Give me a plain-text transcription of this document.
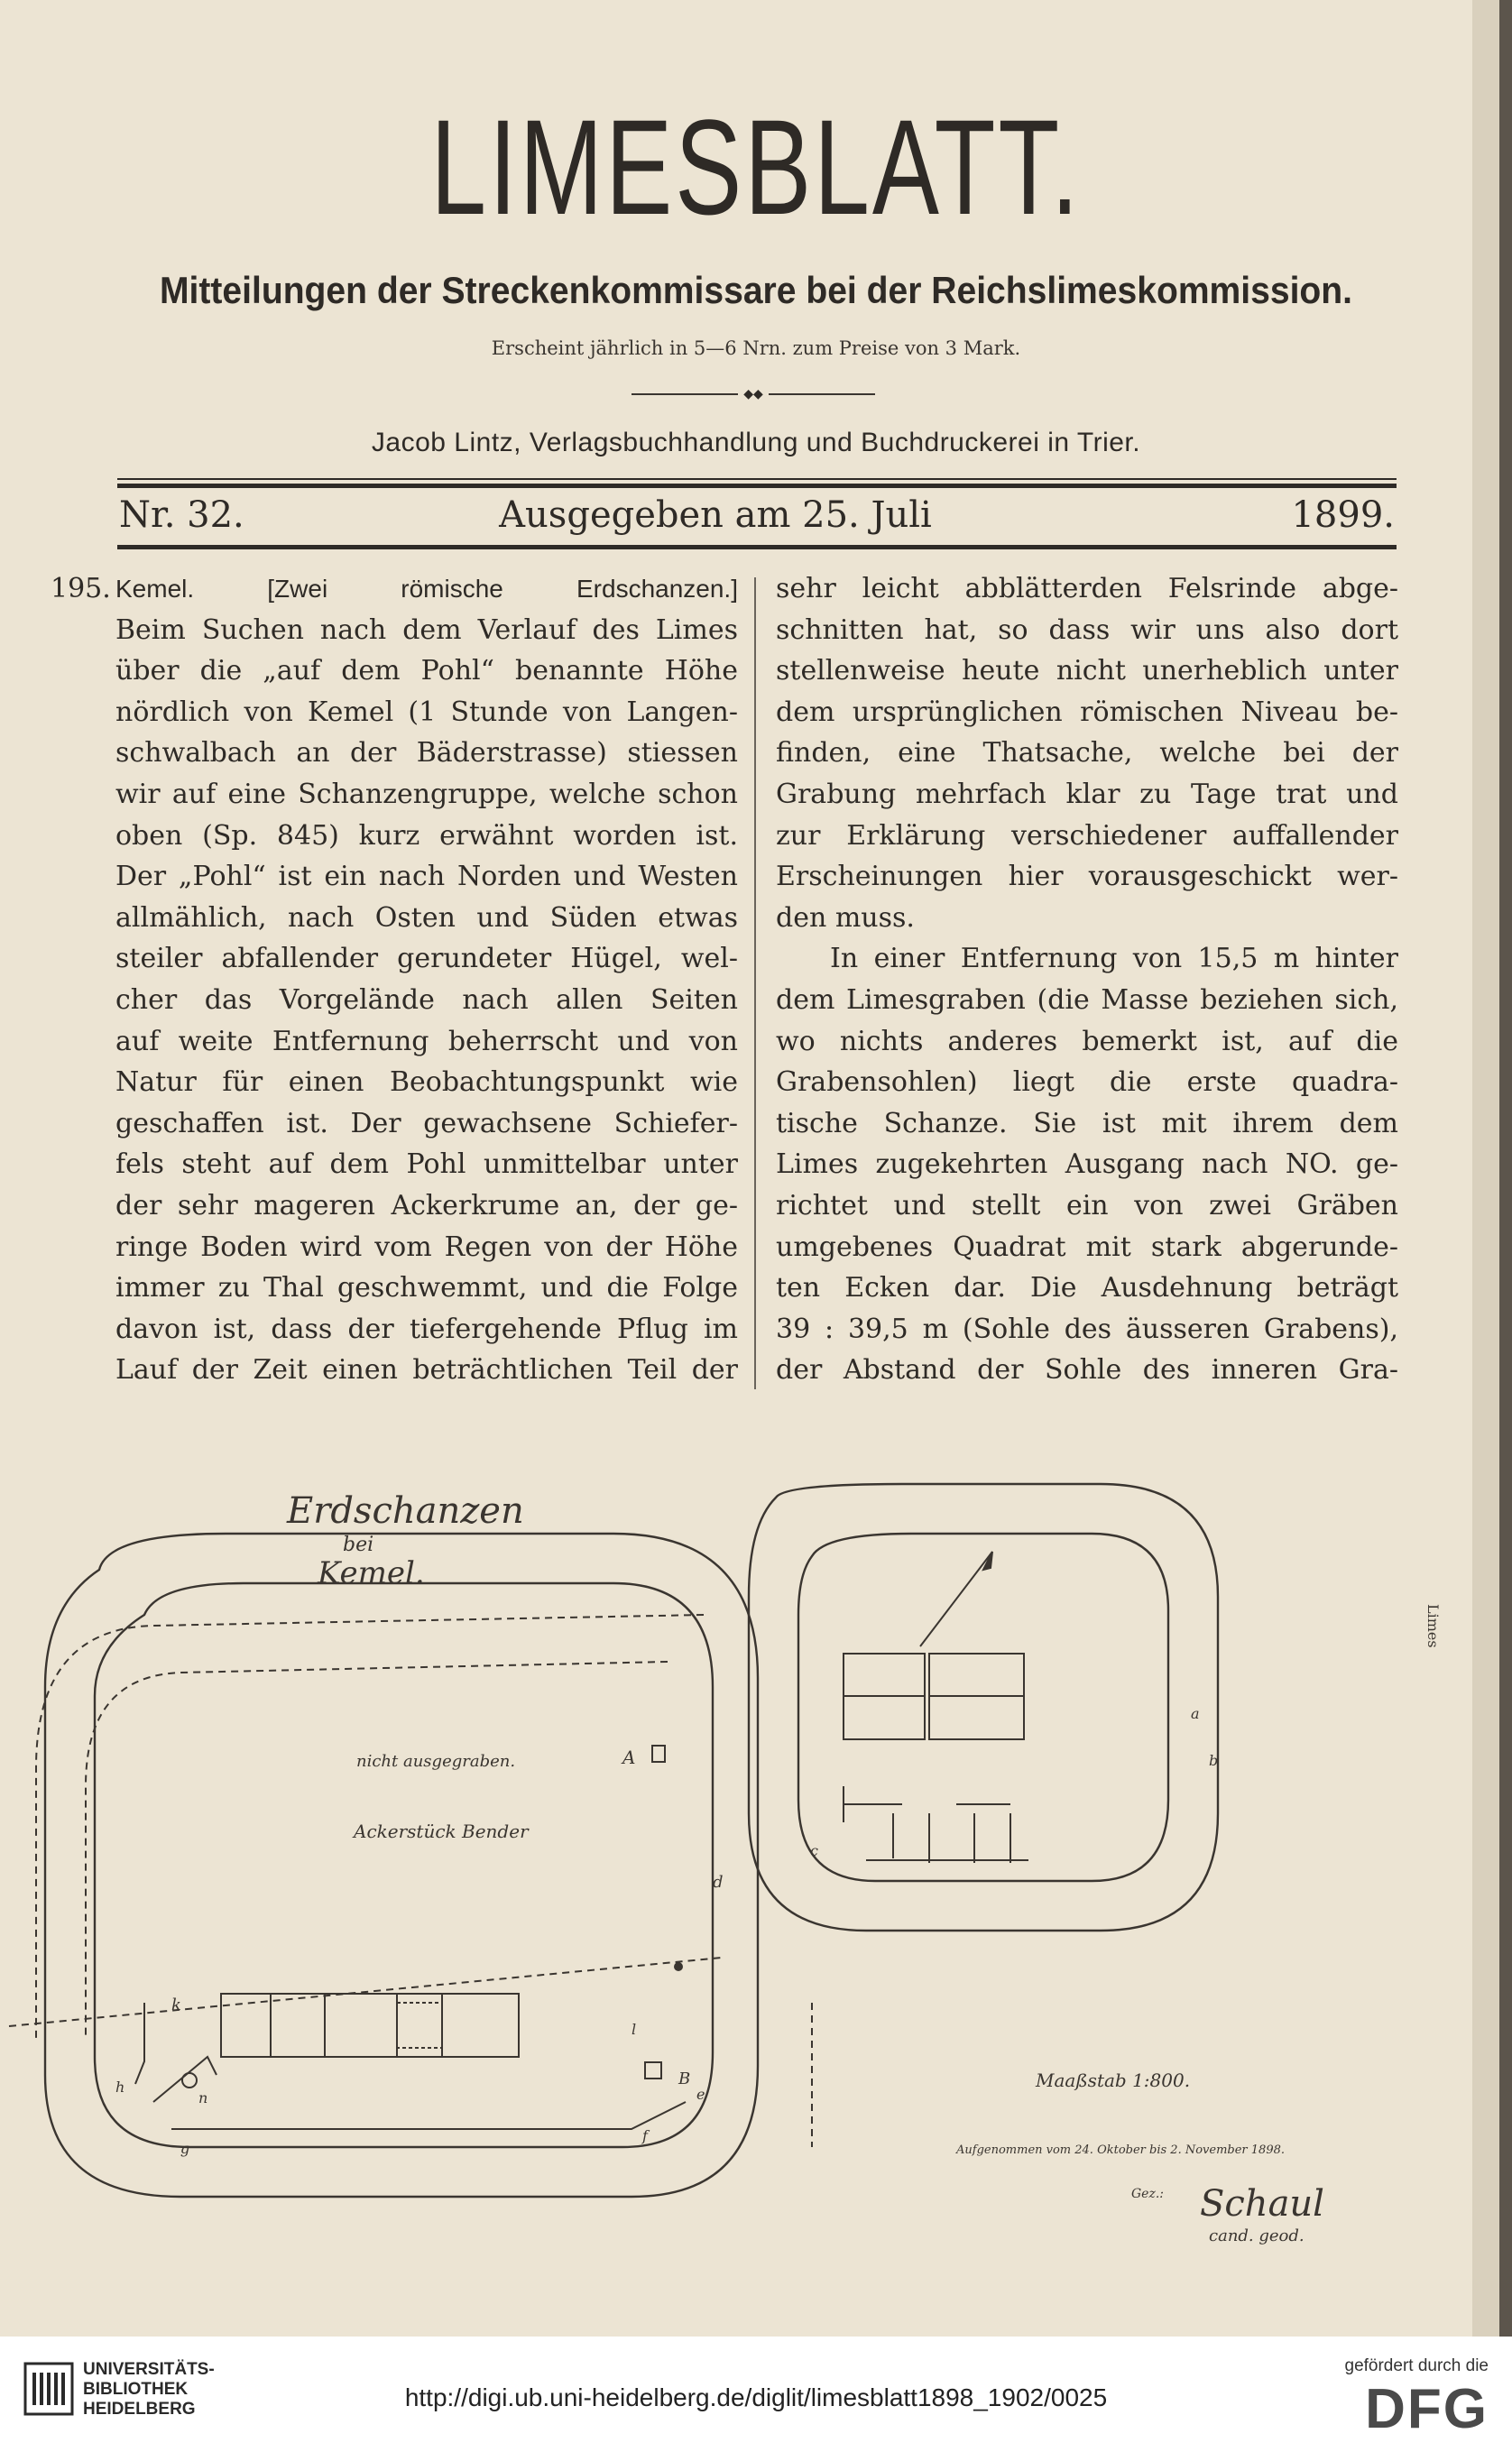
LIMESBLATT.
Mitteilungen der Streckenkommissare bei der Reichslimeskommission.
Erscheint jährlich in 5—6 Nrn. zum Preise von 3 Mark.
◆◆
Jacob Lintz, Verlagsbuchhandlung und Buchdruckerei in Trier.
Nr. 32.	Ausgegeben am 25. Juli	1899.
195. Kemel. [Zwei römische Erdschanzen.]
Beim Suchen nach dem Verlauf des Limes
über die „auf dem Pohl“ benannte Höhe
nördlich von Kemel (1 Stunde von Langen-
schwalbach an der Bäderstrasse) stiessen
wir auf eine Schanzengruppe, welche schon
oben (Sp. 845) kurz erwähnt worden ist.
Der „Pohl“ ist ein nach Norden und Westen
allmählich, nach Osten und Süden etwas
steiler abfallender gerundeter Hügel, wel-
cher das Vorgelände nach allen Seiten
auf weite Entfernung beherrscht und von
Natur für einen Beobachtungspunkt wie
geschaffen ist. Der gewachsene Schiefer-
fels steht auf dem Pohl unmittelbar unter
der sehr mageren Ackerkrume an, der ge-
ringe Boden wird vom Regen von der Höhe
immer zu Thal geschwemmt, und die Folge
davon ist, dass der tiefergehende Pflug im
Lauf der Zeit einen beträchtlichen Teil der
sehr leicht abblätterden Felsrinde abge-
schnitten hat, so dass wir uns also dort
stellenweise heute nicht unerheblich unter
dem ursprünglichen römischen Niveau be-
finden, eine Thatsache, welche bei der
Grabung mehrfach klar zu Tage trat und
zur Erklärung verschiedener auffallender
Erscheinungen hier vorausgeschickt wer-
den muss.
In einer Entfernung von 15,5 m hinter
dem Limesgraben (die Masse beziehen sich,
wo nichts anderes bemerkt ist, auf die
Grabensohlen) liegt die erste quadra-
tische Schanze. Sie ist mit ihrem dem
Limes zugekehrten Ausgang nach NO. ge-
richtet und stellt ein von zwei Gräben
umgebenes Quadrat mit stark abgerunde-
ten Ecken dar. Die Ausdehnung beträgt
39 : 39,5 m (Sohle des äusseren Grabens),
der Abstand der Sohle des inneren Gra-
Erdschanzen
bei
Kemel.
nicht ausgegraben.
Ackerstück Bender
Maaßstab 1:800.
Aufgenommen vom 24. Oktober bis 2. November 1898.
Gez.: Schaul
cand. geod.
Limes
A
B
a
b
c
d
e
f
g
h
k
l
n
UNIVERSITÄTS-
BIBLIOTHEK
HEIDELBERG	http://digi.ub.uni-heidelberg.de/diglit/limesblatt1898_1902/0025
gefördert durch die
DFG
